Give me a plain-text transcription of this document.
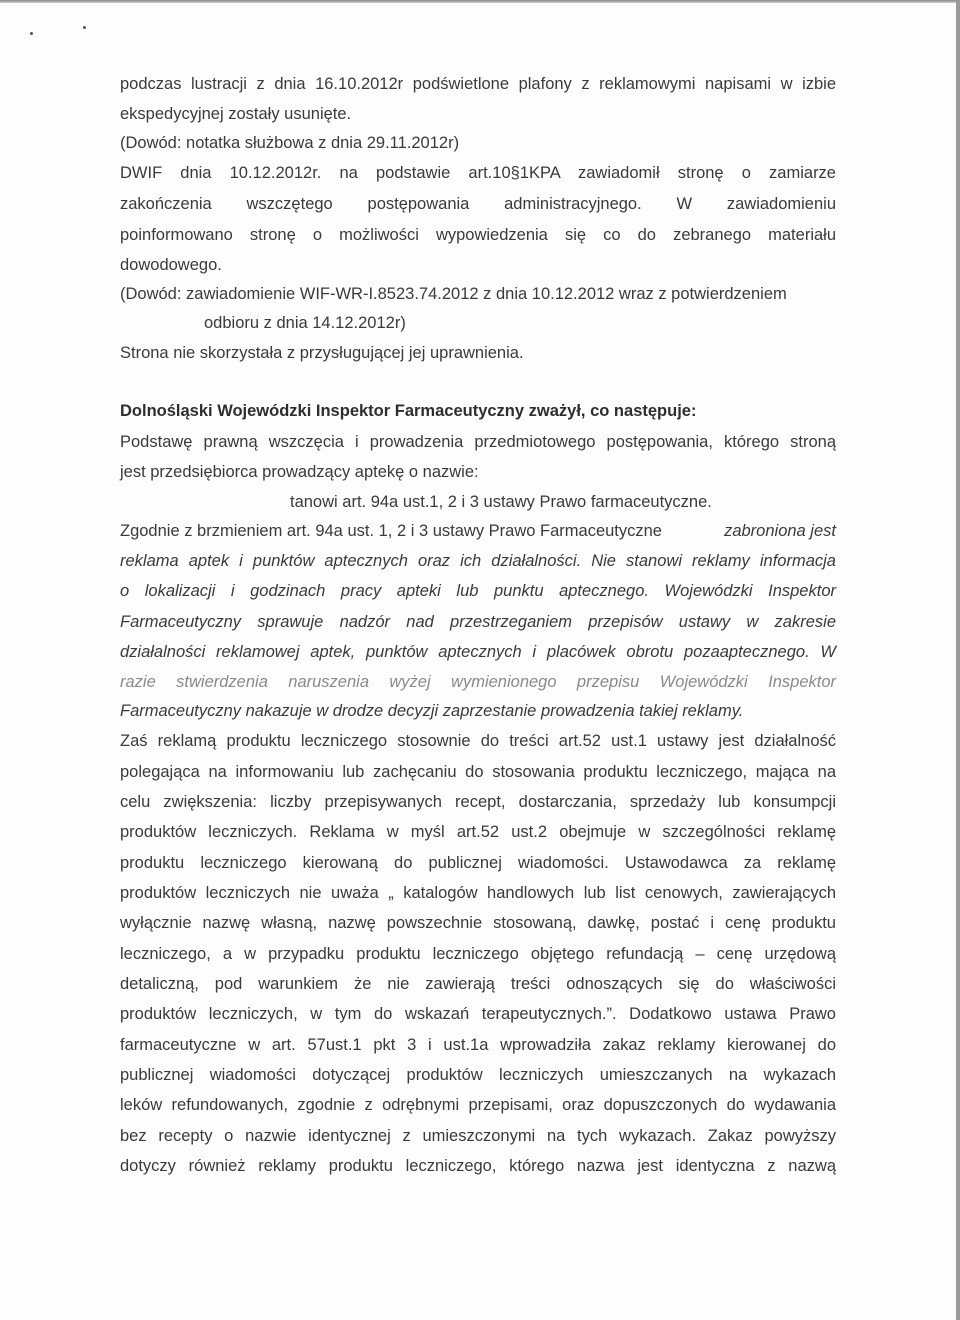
podczas lustracji z dnia 16.10.2012r podświetlone plafony z reklamowymi napisami w izbie
ekspedycyjnej zostały usunięte.
(Dowód: notatka służbowa z dnia 29.11.2012r)
DWIF dnia 10.12.2012r. na podstawie art.10§1KPA zawiadomił stronę o zamiarze
zakończenia wszczętego postępowania administracyjnego. W zawiadomieniu
poinformowano stronę o możliwości wypowiedzenia się co do zebranego materiału
dowodowego.
(Dowód: zawiadomienie WIF-WR-I.8523.74.2012 z dnia 10.12.2012 wraz z potwierdzeniem
odbioru z dnia 14.12.2012r)
Strona nie skorzystała z przysługującej jej uprawnienia.
Dolnośląski Wojewódzki Inspektor Farmaceutyczny zważył, co następuje:
Podstawę prawną wszczęcia i prowadzenia przedmiotowego postępowania, którego stroną
jest przedsiębiorca prowadzący aptekę o nazwie:
tanowi art. 94a ust.1, 2 i 3 ustawy Prawo farmaceutyczne.
Zgodnie z brzmieniem art. 94a ust. 1, 2 i 3 ustawy Prawo Farmaceutyczne	zabroniona jest
reklama aptek i punktów aptecznych oraz ich działalności. Nie stanowi reklamy informacja
o lokalizacji i godzinach pracy apteki lub punktu aptecznego. Wojewódzki Inspektor
Farmaceutyczny sprawuje nadzór nad przestrzeganiem przepisów ustawy w zakresie
działalności reklamowej aptek, punktów aptecznych i placówek obrotu pozaaptecznego. W
razie stwierdzenia naruszenia wyżej wymienionego przepisu Wojewódzki Inspektor
Farmaceutyczny nakazuje w drodze decyzji zaprzestanie prowadzenia takiej reklamy.
Zaś reklamą produktu leczniczego stosownie do treści art.52 ust.1 ustawy jest działalność
polegająca na informowaniu lub zachęcaniu do stosowania produktu leczniczego, mająca na
celu zwiększenia: liczby przepisywanych recept, dostarczania, sprzedaży lub konsumpcji
produktów leczniczych. Reklama w myśl art.52 ust.2 obejmuje w szczególności reklamę
produktu leczniczego kierowaną do publicznej wiadomości. Ustawodawca za reklamę
produktów leczniczych nie uważa „ katalogów handlowych lub list cenowych, zawierających
wyłącznie nazwę własną, nazwę powszechnie stosowaną, dawkę, postać i cenę produktu
leczniczego, a w przypadku produktu leczniczego objętego refundacją – cenę urzędową
detaliczną, pod warunkiem że nie zawierają treści odnoszących się do właściwości
produktów leczniczych, w tym do wskazań terapeutycznych.”. Dodatkowo ustawa Prawo
farmaceutyczne w art. 57ust.1 pkt 3 i ust.1a wprowadziła zakaz reklamy kierowanej do
publicznej wiadomości dotyczącej produktów leczniczych umieszczanych na wykazach
leków refundowanych, zgodnie z odrębnymi przepisami, oraz dopuszczonych do wydawania
bez recepty o nazwie identycznej z umieszczonymi na tych wykazach. Zakaz powyższy
dotyczy również reklamy produktu leczniczego, którego nazwa jest identyczna z nazwą
